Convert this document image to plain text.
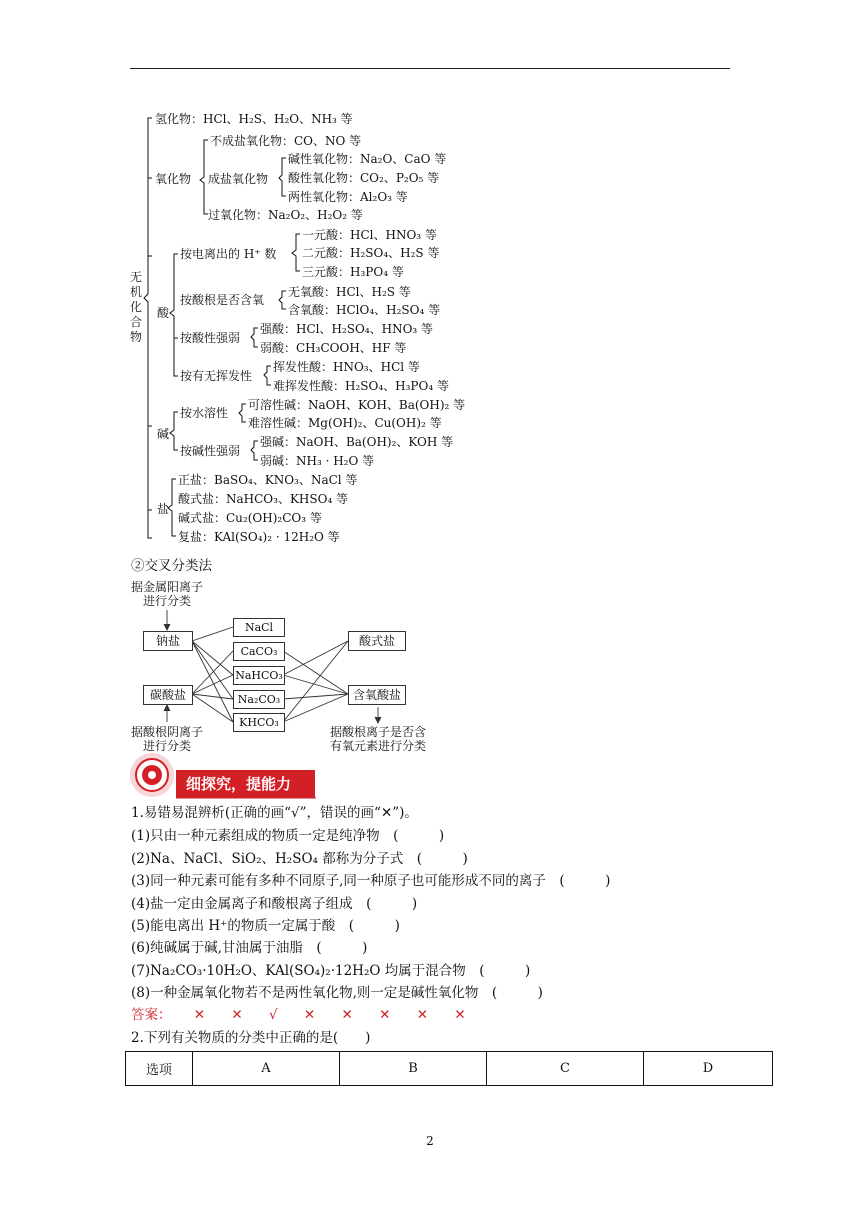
无机化合物
氢化物：HCl、H₂S、H₂O、NH₃ 等
氧化物
不成盐氧化物：CO、NO 等
成盐氧化物
碱性氧化物：Na₂O、CaO 等
酸性氧化物：CO₂、P₂O₅ 等
两性氧化物：Al₂O₃ 等
过氧化物：Na₂O₂、H₂O₂ 等
酸
按电离出的 H⁺ 数
一元酸：HCl、HNO₃ 等
二元酸：H₂SO₄、H₂S 等
三元酸：H₃PO₄ 等
按酸根是否含氧
无氧酸：HCl、H₂S 等
含氧酸：HClO₄、H₂SO₄ 等
按酸性强弱
强酸：HCl、H₂SO₄、HNO₃ 等
弱酸：CH₃COOH、HF 等
按有无挥发性
挥发性酸：HNO₃、HCl 等
难挥发性酸：H₂SO₄、H₃PO₄ 等
碱
按水溶性
可溶性碱：NaOH、KOH、Ba(OH)₂ 等
难溶性碱：Mg(OH)₂、Cu(OH)₂ 等
按碱性强弱
强碱：NaOH、Ba(OH)₂、KOH 等
弱碱：NH₃ · H₂O 等
盐
正盐：BaSO₄、KNO₃、NaCl 等
酸式盐：NaHCO₃、KHSO₄ 等
碱式盐：Cu₂(OH)₂CO₃ 等
复盐：KAl(SO₄)₂ · 12H₂O 等
②交叉分类法
据金属阳离子
进行分类
钠盐
碳酸盐
NaCl
CaCO₃
NaHCO₃
Na₂CO₃
KHCO₃
酸式盐
含氧酸盐
据酸根阴离子
进行分类
据酸根离子是否含
有氧元素进行分类
细探究，提能力
1.易错易混辨析(正确的画“√”，错误的画“✕”)。
(1)只由一种元素组成的物质一定是纯净物　(　　　)
(2)Na、NaCl、SiO₂、H₂SO₄ 都称为分子式　(　　　)
(3)同一种元素可能有多种不同原子,同一种原子也可能形成不同的离子　(　　　)
(4)盐一定由金属离子和酸根离子组成　(　　　)
(5)能电离出 H⁺的物质一定属于酸　(　　　)
(6)纯碱属于碱,甘油属于油脂　(　　　)
(7)Na₂CO₃·10H₂O、KAl(SO₄)₂·12H₂O 均属于混合物　(　　　)
(8)一种金属氧化物若不是两性氧化物,则一定是碱性氧化物　(　　　)
答案： ✕ ✕ √ ✕ ✕ ✕ ✕ ✕
2.下列有关物质的分类中正确的是(　　)
选项	A	B	C	D
2
